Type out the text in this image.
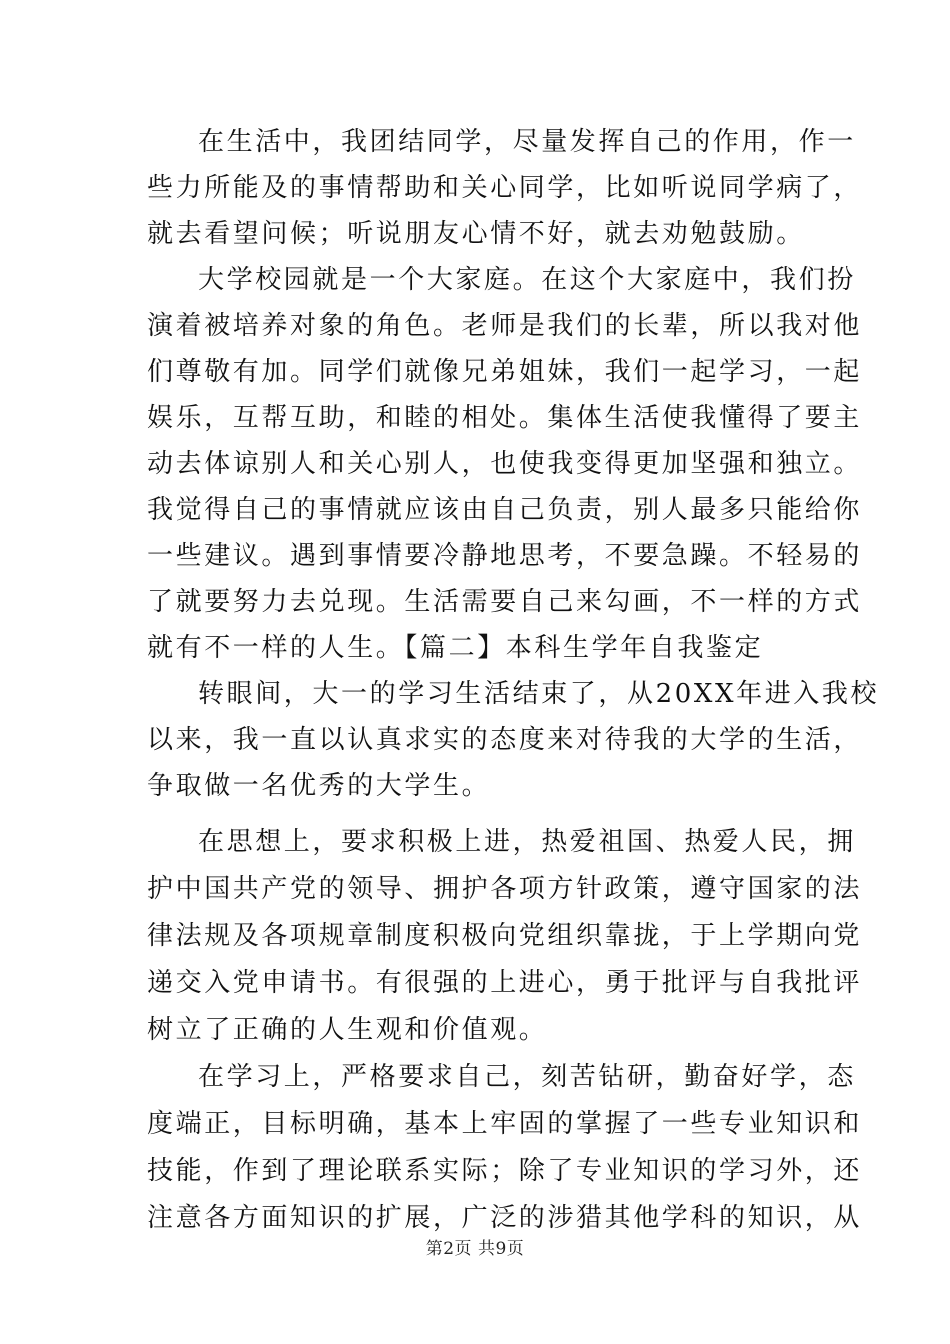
在生活中，我团结同学，尽量发挥自己的作用，作一
些力所能及的事情帮助和关心同学，比如听说同学病了，
就去看望问候；听说朋友心情不好，就去劝勉鼓励。
大学校园就是一个大家庭。在这个大家庭中，我们扮
演着被培养对象的角色。老师是我们的长辈，所以我对他
们尊敬有加。同学们就像兄弟姐妹，我们一起学习，一起
娱乐，互帮互助，和睦的相处。集体生活使我懂得了要主
动去体谅别人和关心别人，也使我变得更加坚强和独立。
我觉得自己的事情就应该由自己负责，别人最多只能给你
一些建议。遇到事情要冷静地思考，不要急躁。不轻易的
了就要努力去兑现。生活需要自己来勾画，不一样的方式
就有不一样的人生。【篇二】本科生学年自我鉴定
转眼间，大一的学习生活结束了，从20XX年进入我校
以来，我一直以认真求实的态度来对待我的大学的生活，
争取做一名优秀的大学生。
在思想上，要求积极上进，热爱祖国、热爱人民，拥
护中国共产党的领导、拥护各项方针政策，遵守国家的法
律法规及各项规章制度积极向党组织靠拢，于上学期向党
递交入党申请书。有很强的上进心，勇于批评与自我批评
树立了正确的人生观和价值观。
在学习上，严格要求自己，刻苦钻研，勤奋好学，态
度端正，目标明确，基本上牢固的掌握了一些专业知识和
技能，作到了理论联系实际；除了专业知识的学习外，还
注意各方面知识的扩展，广泛的涉猎其他学科的知识，从
第2页 共9页
